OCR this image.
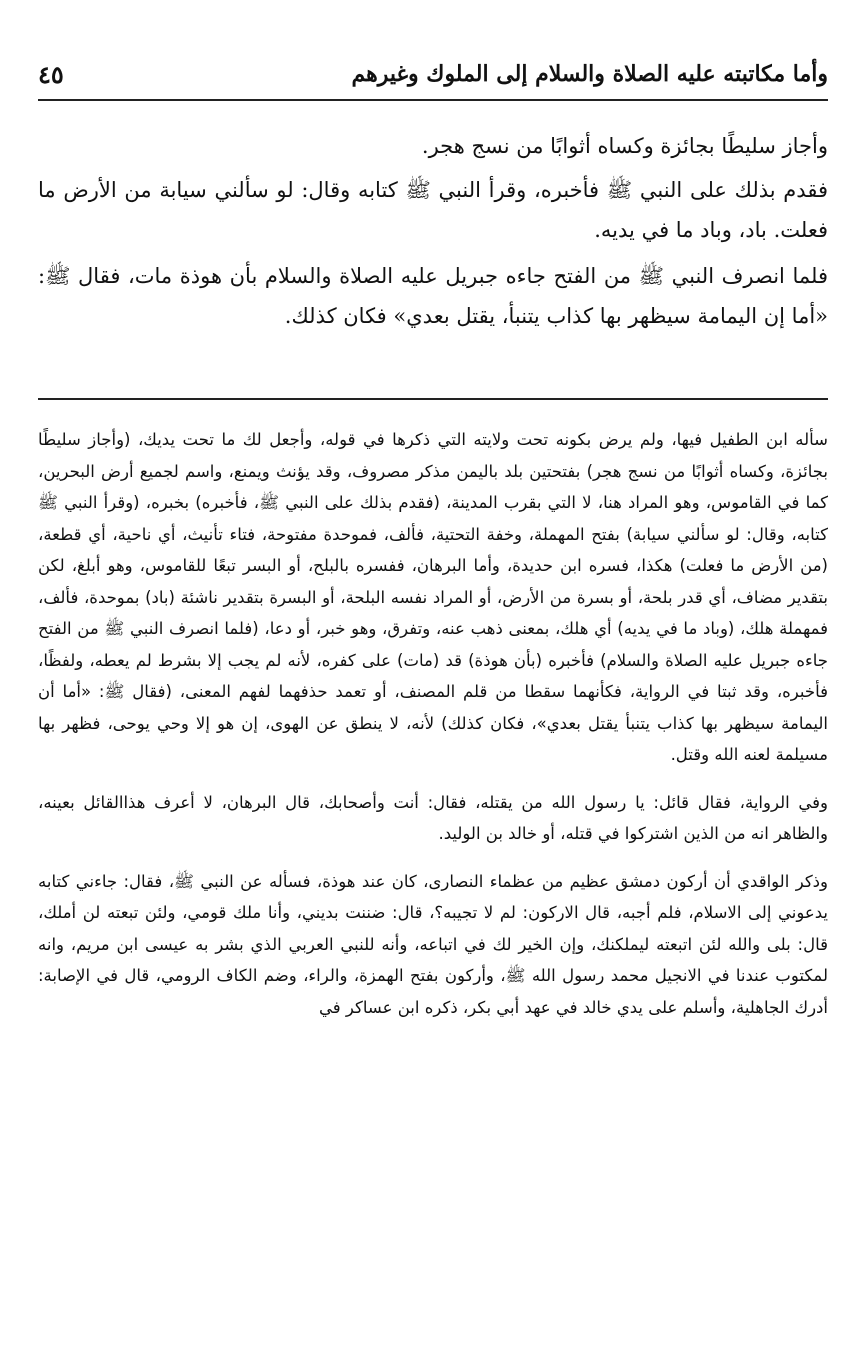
وأما مكاتبته عليه الصلاة والسلام إلى الملوك وغيرهم
٤٥

وأجاز سليطًا بجائزة وكساه أثوابًا من نسج هجر.

فقدم بذلك على النبي ﷺ فأخبره، وقرأ النبي ﷺ كتابه وقال: لو سألني سيابة من الأرض ما فعلت. باد، وباد ما في يديه.

فلما انصرف النبي ﷺ من الفتح جاءه جبريل عليه الصلاة والسلام بأن هوذة مات، فقال ﷺ: «أما إن اليمامة سيظهر بها كذاب يتنبأ، يقتل بعدي» فكان كذلك.

سأله ابن الطفيل فيها، ولم يرض بكونه تحت ولايته التي ذكرها في قوله، وأجعل لك ما تحت يديك، (وأجاز سليطًا بجائزة، وكساه أثوابًا من نسج هجر) بفتحتين بلد باليمن مذكر مصروف، وقد يؤنث ويمنع، واسم لجميع أرض البحرين، كما في القاموس، وهو المراد هنا، لا التي بقرب المدينة، (فقدم بذلك على النبي ﷺ، فأخبره) بخبره، (وقرأ النبي ﷺ كتابه، وقال: لو سألني سيابة) بفتح المهملة، وخفة التحتية، فألف، فموحدة مفتوحة، فتاء تأنيث، أي ناحية، أي قطعة، (من الأرض ما فعلت) هكذا، فسره ابن حديدة، وأما البرهان، ففسره بالبلح، أو البسر تبعًا للقاموس، وهو أبلغ، لكن بتقدير مضاف، أي قدر بلحة، أو بسرة من الأرض، أو المراد نفسه البلحة، أو البسرة بتقدير ناشئة (باد) بموحدة، فألف، فمهملة هلك، (وباد ما في يديه) أي هلك، بمعنى ذهب عنه، وتفرق، وهو خبر، أو دعا، (فلما انصرف النبي ﷺ من الفتح جاءه جبريل عليه الصلاة والسلام) فأخبره (بأن هوذة) قد (مات) على كفره، لأنه لم يجب إلا بشرط لم يعطه، ولفظًا، فأخبره، وقد ثبتا في الرواية، فكأنهما سقطا من قلم المصنف، أو تعمد حذفهما لفهم المعنى، (فقال ﷺ: «أما أن اليمامة سيظهر بها كذاب يتنبأ يقتل بعدي»، فكان كذلك) لأنه، لا ينطق عن الهوى، إن هو إلا وحي يوحى، فظهر بها مسيلمة لعنه الله وقتل.

وفي الرواية، فقال قائل: يا رسول الله من يقتله، فقال: أنت وأصحابك، قال البرهان، لا أعرف هذاالقائل بعينه، والظاهر انه من الذين اشتركوا في قتله، أو خالد بن الوليد.

وذكر الواقدي أن أركون دمشق عظيم من عظماء النصارى، كان عند هوذة، فسأله عن النبي ﷺ، فقال: جاءني كتابه يدعوني إلى الاسلام، فلم أجبه، قال الاركون: لم لا تجيبه؟، قال: ضننت بديني، وأنا ملك قومي، ولئن تبعته لن أملك، قال: بلى والله لئن اتبعته ليملكنك، وإن الخير لك في اتباعه، وأنه للنبي العربي الذي بشر به عيسى ابن مريم، وانه لمكتوب عندنا في الانجيل محمد رسول الله ﷺ، وأركون بفتح الهمزة، والراء، وضم الكاف الرومي، قال في الإصابة: أدرك الجاهلية، وأسلم على يدي خالد في عهد أبي بكر، ذكره ابن عساكر في
